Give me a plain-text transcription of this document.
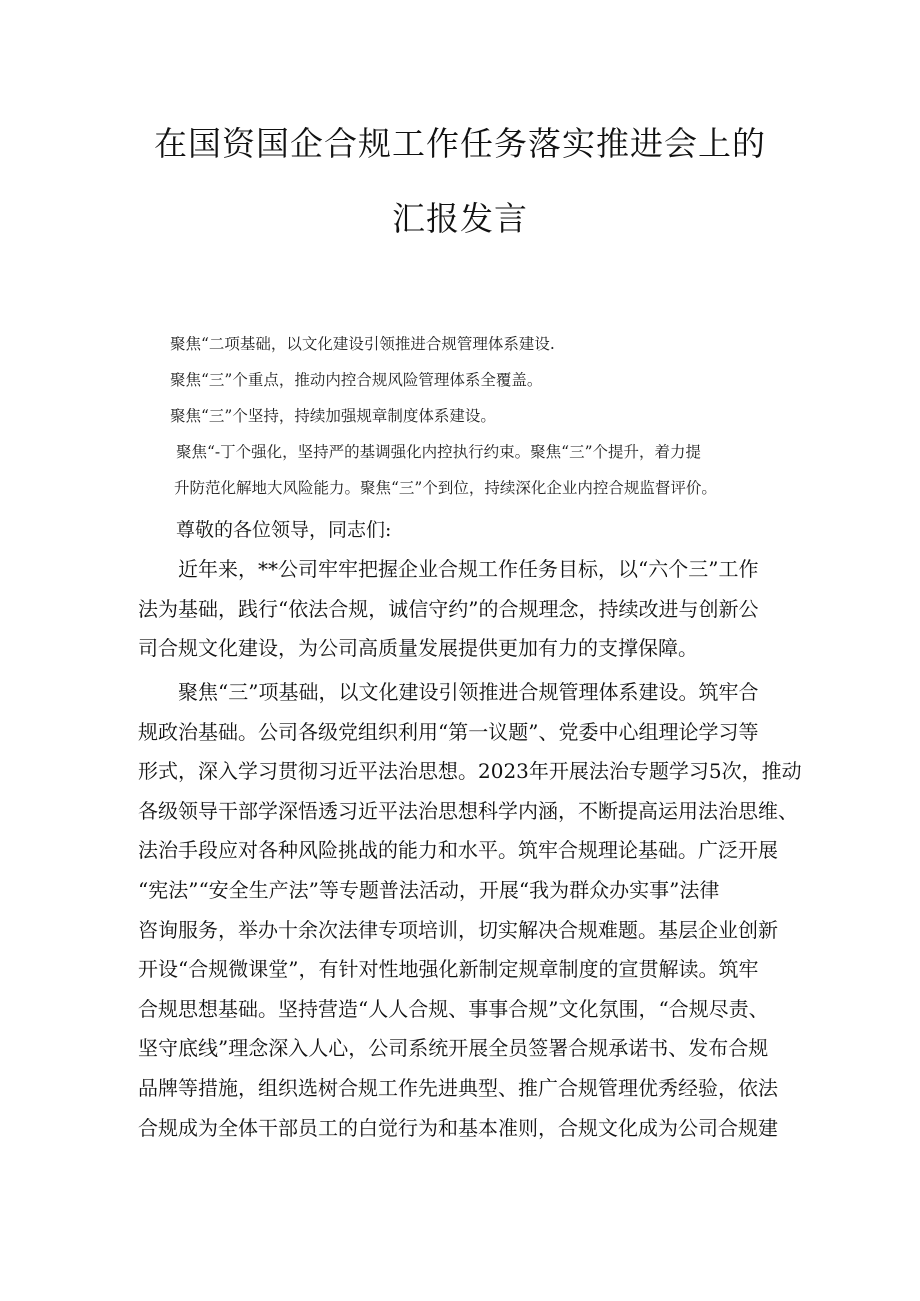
在国资国企合规工作任务落实推进会上的
汇报发言

聚焦“二项基础，以文化建设引领推进合规管理体系建设.

聚焦“三”个重点，推动内控合规风险管理体系全覆盖。

聚焦“三”个坚持，持续加强规章制度体系建设。

聚焦“-丁个强化，坚持严的基调强化内控执行约束。聚焦“三”个提升，着力提
升防范化解地大风险能力。聚焦“三”个到位，持续深化企业内控合规监督评价。
尊敬的各位领导，同志们:
近年来，**公司牢牢把握企业合规工作任务目标，以“六个三”工作
法为基础，践行“依法合规，诚信守约”的合规理念，持续改进与创新公
司合规文化建设，为公司高质量发展提供更加有力的支撑保障。
聚焦“三”项基础，以文化建设引领推进合规管理体系建设。筑牢合
规政治基础。公司各级党组织利用“第一议题”、党委中心组理论学习等
形式，深入学习贯彻习近平法治思想。2023年开展法治专题学习5次，推动
各级领导干部学深悟透习近平法治思想科学内涵，不断提高运用法治思维、
法治手段应对各种风险挑战的能力和水平。筑牢合规理论基础。广泛开展
“宪法”“安全生产法”等专题普法活动，开展“我为群众办实事”法律
咨询服务，举办十余次法律专项培训，切实解决合规难题。基层企业创新
开设“合规微课堂”，有针对性地强化新制定规章制度的宣贯解读。筑牢
合规思想基础。坚持营造“人人合规、事事合规”文化氛围，“合规尽责、
坚守底线”理念深入人心，公司系统开展全员签署合规承诺书、发布合规
品牌等措施，组织选树合规工作先进典型、推广合规管理优秀经验，依法
合规成为全体干部员工的白觉行为和基本准则，合规文化成为公司合规建
